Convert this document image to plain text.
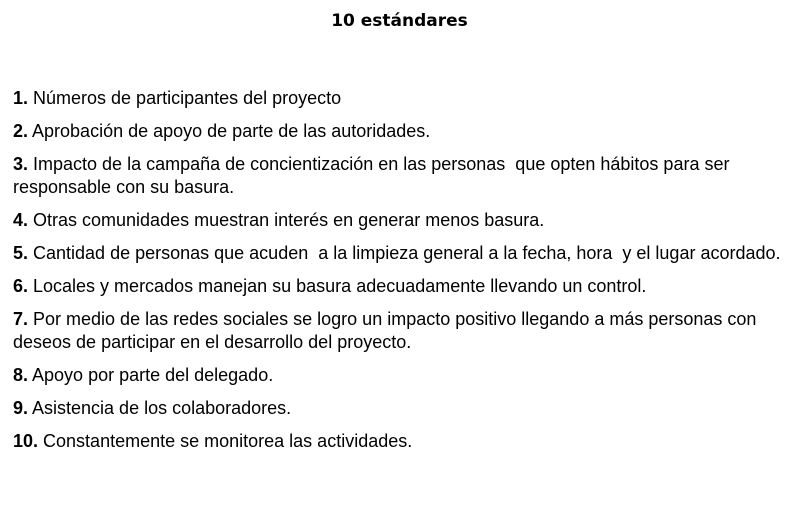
10 estándares
1. Números de participantes del proyecto
2. Aprobación de apoyo de parte de las autoridades.
3. Impacto de la campaña de concientización en las personas  que opten hábitos para ser responsable con su basura.
4. Otras comunidades muestran interés en generar menos basura.
5. Cantidad de personas que acuden  a la limpieza general a la fecha, hora  y el lugar acordado.
6. Locales y mercados manejan su basura adecuadamente llevando un control.
7. Por medio de las redes sociales se logro un impacto positivo llegando a más personas con deseos de participar en el desarrollo del proyecto.
8. Apoyo por parte del delegado.
9. Asistencia de los colaboradores.
10. Constantemente se monitorea las actividades.
